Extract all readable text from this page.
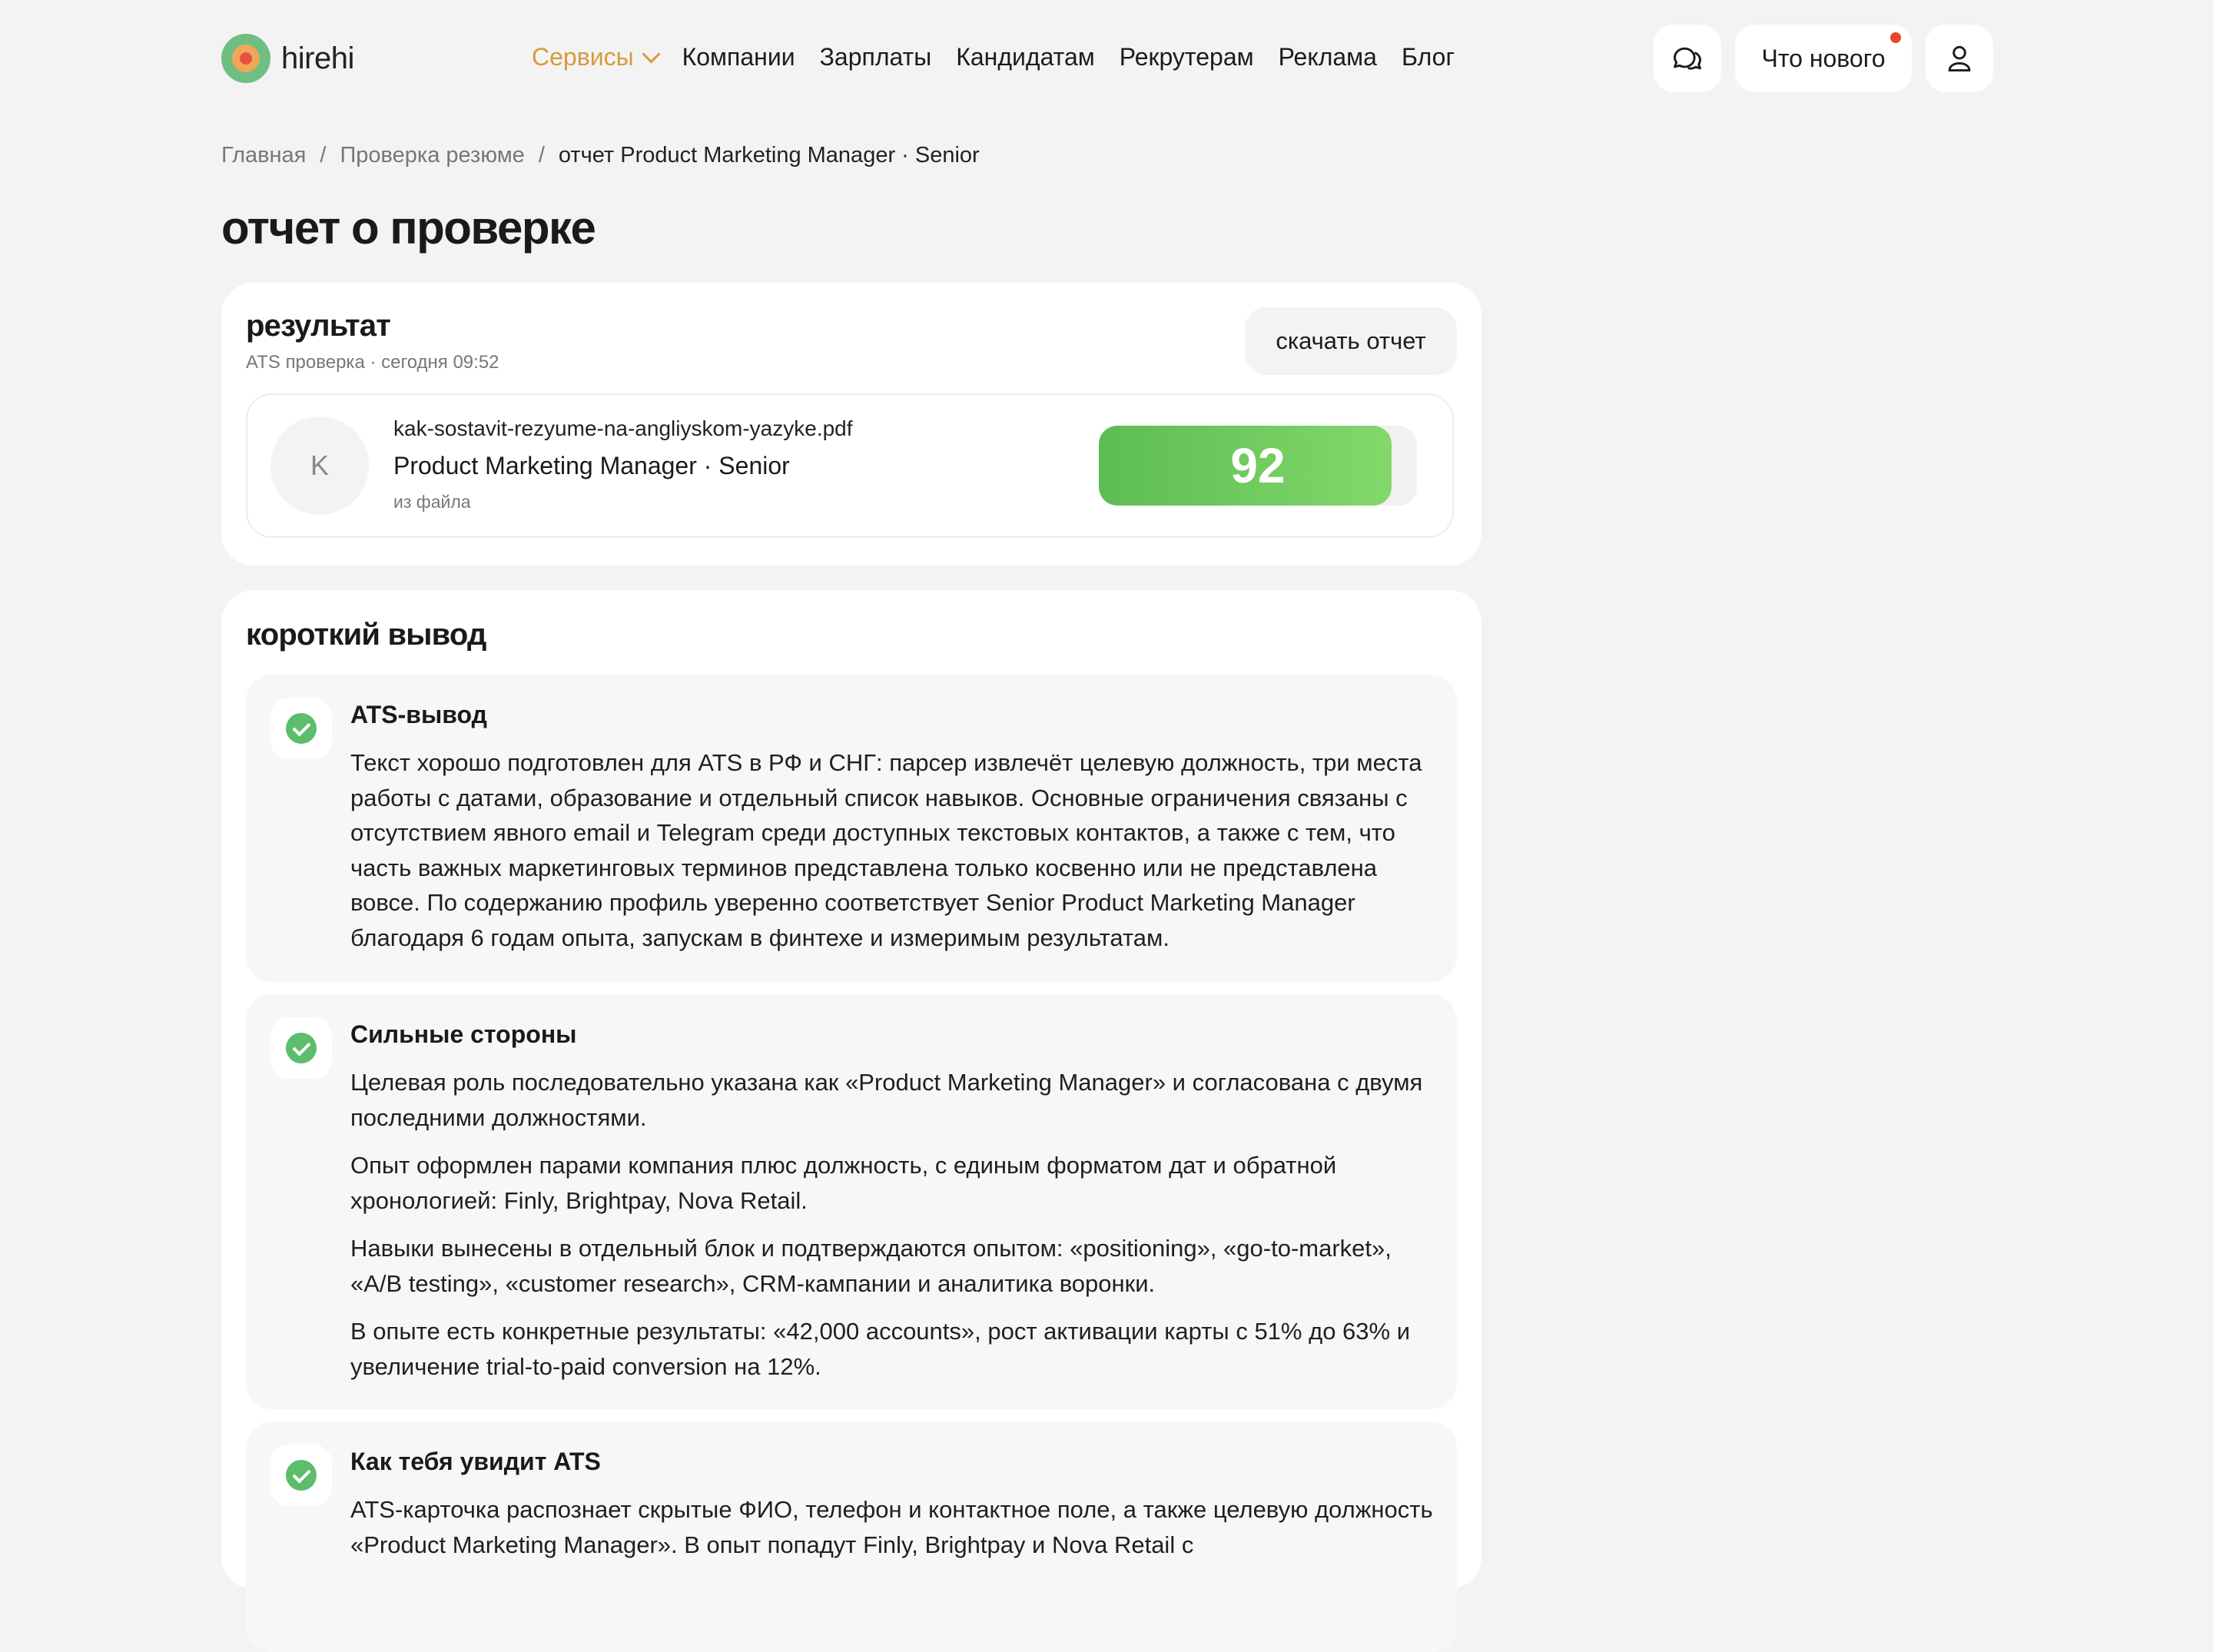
hirehi	Сервисы Компании Зарплаты Кандидатам Рекрутерам Реклама Блог	Что нового
Главная / Проверка резюме / отчет Product Marketing Manager · Senior
отчет о проверке
результат
ATS проверка · сегодня 09:52
скачать отчет
K
kak-sostavit-rezyume-na-angliyskom-yazyke.pdf
Product Marketing Manager · Senior
из файла
92
короткий вывод
ATS-вывод

Текст хорошо подготовлен для ATS в РФ и СНГ: парсер извлечёт целевую должность, три места работы с датами, образование и отдельный список навыков. Основные ограничения связаны с отсутствием явного email и Telegram среди доступных текстовых контактов, а также с тем, что часть важных маркетинговых терминов представлена только косвенно или не представлена вовсе. По содержанию профиль уверенно соответствует Senior Product Marketing Manager благодаря 6 годам опыта, запускам в финтехе и измеримым результатам.

Сильные стороны

Целевая роль последовательно указана как «Product Marketing Manager» и согласована с двумя последними должностями.

Опыт оформлен парами компания плюс должность, с единым форматом дат и обратной хронологией: Finly, Brightpay, Nova Retail.

Навыки вынесены в отдельный блок и подтверждаются опытом: «positioning», «go-to-market», «A/B testing», «customer research», CRM-кампании и аналитика воронки.

В опыте есть конкретные результаты: «42,000 accounts», рост активации карты с 51% до 63% и увеличение trial-to-paid conversion на 12%.

Как тебя увидит ATS

ATS-карточка распознает скрытые ФИО, телефон и контактное поле, а также целевую должность «Product Marketing Manager». В опыт попадут Finly, Brightpay и Nova Retail с
